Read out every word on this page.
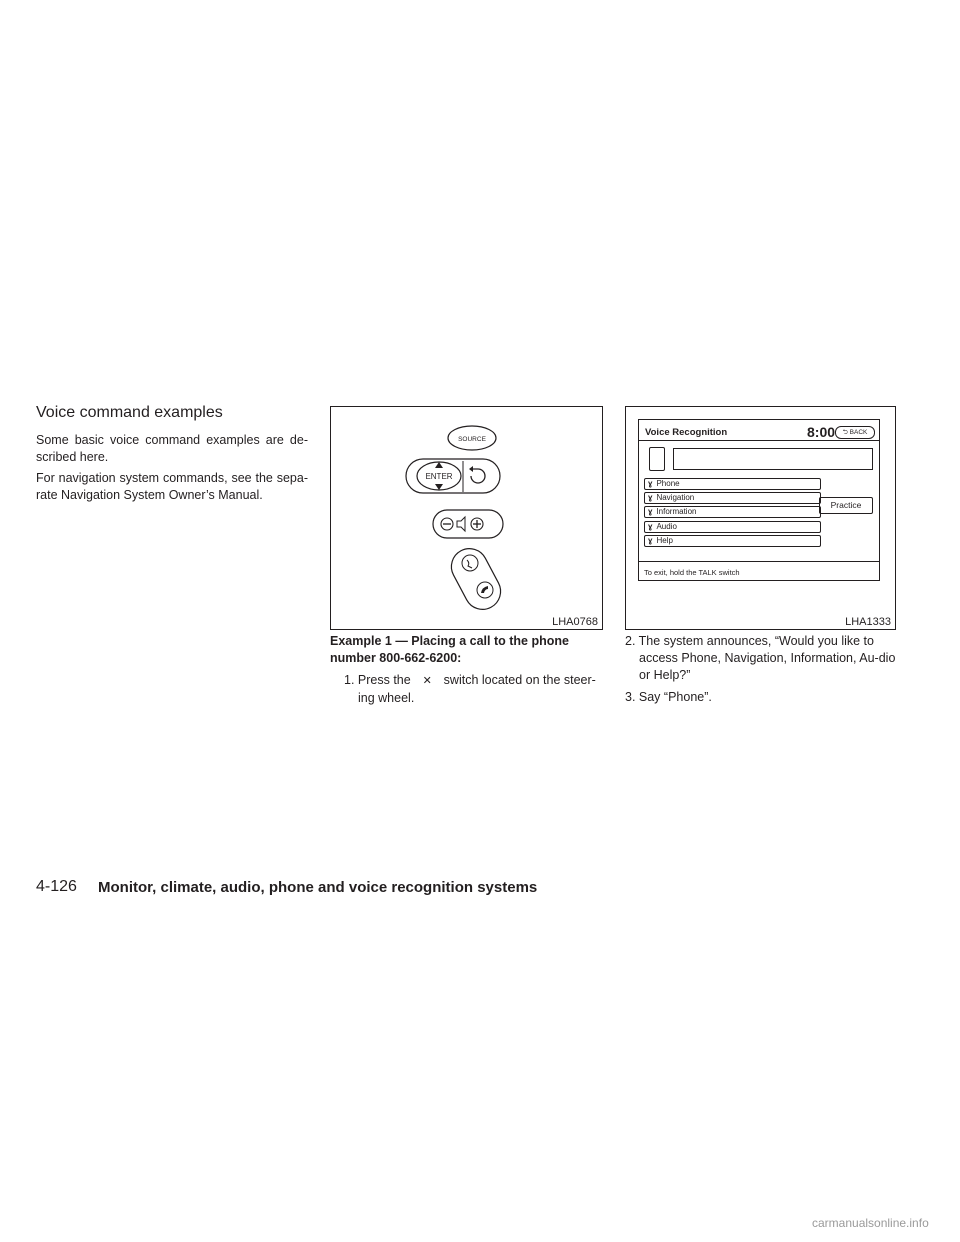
Voice command examples

Some basic voice command examples are de-scribed here.

For navigation system commands, see the sepa-rate Navigation System Owner’s Manual.

SOURCE
ENTER
LHA0768	LHA1333
Voice Recognition	8:00	⮌ BACK
ɣ Phone
ɣ Navigation
ɣ Information
ɣ Audio
ɣ Help
Practice
To exit, hold the TALK switch

Example 1 — Placing a call to the phone number 800-662-6200:

1. Press the ✕ switch located on the steer-

ing wheel.

2. The system announces, “Would you like to access Phone, Navigation, Information, Au-dio or Help?”

3. Say “Phone”.

4-126 Monitor, climate, audio, phone and voice recognition systems
carmanualsonline.info
